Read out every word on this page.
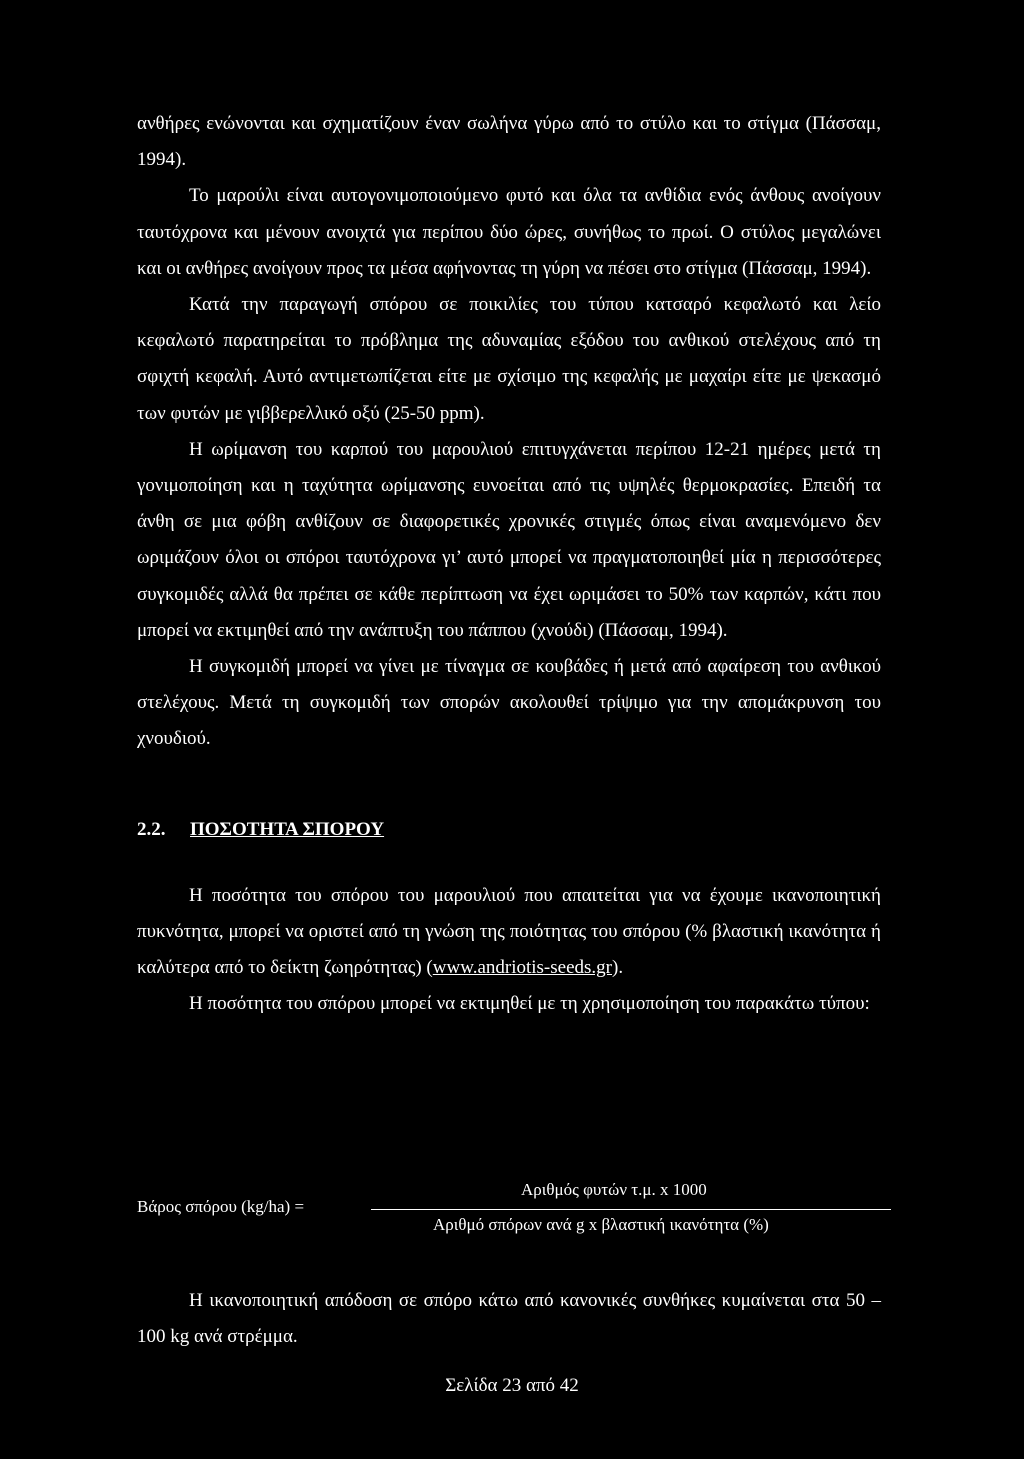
ανθήρες ενώνονται και σχηματίζουν έναν σωλήνα γύρω από το στύλο και το στίγμα (Πάσσαμ, 1994).

Το μαρούλι είναι αυτογονιμοποιούμενο φυτό και όλα τα ανθίδια ενός άνθους ανοίγουν ταυτόχρονα και μένουν ανοιχτά για περίπου δύο ώρες, συνήθως το πρωί. Ο στύλος μεγαλώνει και οι ανθήρες ανοίγουν προς τα μέσα αφήνοντας τη γύρη να πέσει στο στίγμα (Πάσσαμ, 1994).

Κατά την παραγωγή σπόρου σε ποικιλίες του τύπου κατσαρό κεφαλωτό και λείο κεφαλωτό παρατηρείται το πρόβλημα της αδυναμίας εξόδου του ανθικού στελέχους από τη σφιχτή κεφαλή. Αυτό αντιμετωπίζεται είτε με σχίσιμο της κεφαλής με μαχαίρι είτε με ψεκασμό των φυτών με γιββερελλικό οξύ (25-50 ppm).

Η ωρίμανση του καρπού του μαρουλιού επιτυγχάνεται περίπου 12-21 ημέρες μετά τη γονιμοποίηση και η ταχύτητα ωρίμανσης ευνοείται από τις υψηλές θερμοκρασίες. Επειδή τα άνθη σε μια φόβη ανθίζουν σε διαφορετικές χρονικές στιγμές όπως είναι αναμενόμενο δεν ωριμάζουν όλοι οι σπόροι ταυτόχρονα γι’ αυτό μπορεί να πραγματοποιηθεί μία η περισσότερες συγκομιδές αλλά θα πρέπει σε κάθε περίπτωση να έχει ωριμάσει το 50% των καρπών, κάτι που μπορεί να εκτιμηθεί από την ανάπτυξη του πάππου (χνούδι) (Πάσσαμ, 1994).

Η συγκομιδή μπορεί να γίνει με τίναγμα σε κουβάδες ή μετά από αφαίρεση του ανθικού στελέχους. Μετά τη συγκομιδή των σπορών ακολουθεί τρίψιμο για την απομάκρυνση του χνουδιού.

2.2. ΠΟΣΟΤΗΤΑ ΣΠΟΡΟΥ

Η ποσότητα του σπόρου του μαρουλιού που απαιτείται για να έχουμε ικανοποιητική πυκνότητα, μπορεί να οριστεί από τη γνώση της ποιότητας του σπόρου (% βλαστική ικανότητα ή καλύτερα από το δείκτη ζωηρότητας) (www.andriotis-seeds.gr).

Η ποσότητα του σπόρου μπορεί να εκτιμηθεί με τη χρησιμοποίηση του παρακάτω τύπου:

Βάρος σπόρου (kg/ha) =
Αριθμός φυτών τ.μ. x 1000
Αριθμό σπόρων ανά g x βλαστική ικανότητα (%)

Η ικανοποιητική απόδοση σε σπόρο κάτω από κανονικές συνθήκες κυμαίνεται στα 50 – 100 kg ανά στρέμμα.

Σελίδα 23 από 42
